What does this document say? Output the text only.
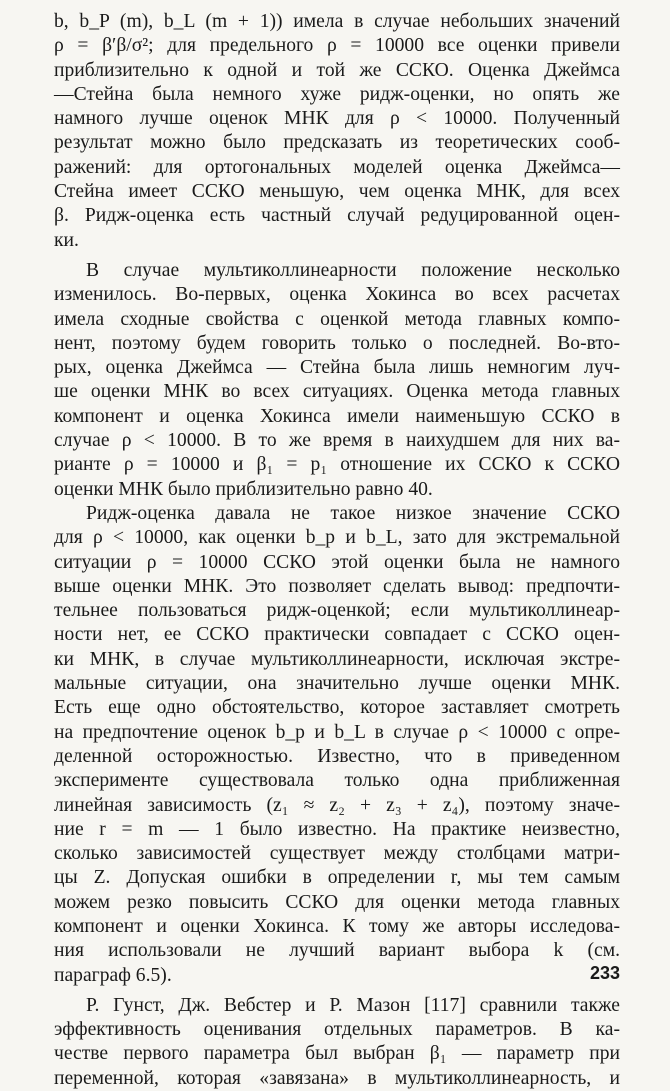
b, b_P (m), b_L (m + 1)) имела в случае небольших значений
ρ = β′β/σ²; для предельного ρ = 10000 все оценки привели
приблизительно к одной и той же ССКО. Оценка Джеймса
—Стейна была немного хуже ридж-оценки, но опять же
намного лучше оценок МНК для ρ < 10000. Полученный
результат можно было предсказать из теоретических сооб-
ражений: для ортогональных моделей оценка Джеймса—
Стейна имеет ССКО меньшую, чем оценка МНК, для всех
β. Ридж-оценка есть частный случай редуцированной оцен-
ки.
В случае мультиколлинеарности положение несколько
изменилось. Во-первых, оценка Хокинса во всех расчетах
имела сходные свойства с оценкой метода главных компо-
нент, поэтому будем говорить только о последней. Во-вто-
рых, оценка Джеймса — Стейна была лишь немногим луч-
ше оценки МНК во всех ситуациях. Оценка метода главных
компонент и оценка Хокинса имели наименьшую ССКО в
случае ρ < 10000. В то же время в наихудшем для них ва-
рианте ρ = 10000 и β₁ = p₁ отношение их ССКО к ССКО
оценки МНК было приблизительно равно 40.
Ридж-оценка давала не такое низкое значение ССКО
для ρ < 10000, как оценки b_p и b_L, зато для экстремальной
ситуации ρ = 10000 ССКО этой оценки была не намного
выше оценки МНК. Это позволяет сделать вывод: предпочти-
тельнее пользоваться ридж-оценкой; если мультиколлинеар-
ности нет, ее ССКО практически совпадает с ССКО оцен-
ки МНК, в случае мультиколлинеарности, исключая экстре-
мальные ситуации, она значительно лучше оценки МНК.
Есть еще одно обстоятельство, которое заставляет смотреть
на предпочтение оценок b_p и b_L в случае ρ < 10000 с опре-
деленной осторожностью. Известно, что в приведенном
эксперименте существовала только одна приближенная
линейная зависимость (z₁ ≈ z₂ + z₃ + z₄), поэтому значе-
ние r = m — 1 было известно. На практике неизвестно,
сколько зависимостей существует между столбцами матри-
цы Z. Допуская ошибки в определении r, мы тем самым
можем резко повысить ССКО для оценки метода главных
компонент и оценки Хокинса. К тому же авторы исследова-
ния использовали не лучший вариант выбора k (см.
параграф 6.5).
Р. Гунст, Дж. Вебстер и Р. Мазон [117] сравнили также
эффективность оценивания отдельных параметров. В ка-
честве первого параметра был выбран β₁ — параметр при
переменной, которая «завязана» в мультиколлинеарность, и
233
